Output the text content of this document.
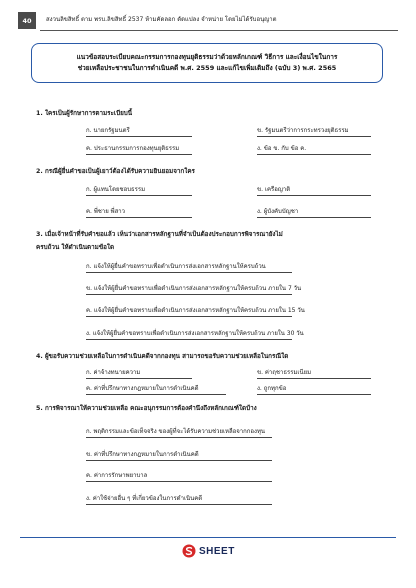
40	สงวนลิขสิทธิ์ ตาม พรบ.ลิขสิทธิ์ 2537 ห้ามคัดลอก ดัดแปลง จำหน่าย โดยไม่ได้รับอนุญาต
แนวข้อสอบระเบียบคณะกรรมการกองทุนยุติธรรมว่าด้วยหลักเกณฑ์ วิธีการ และเงื่อนไขในการ
ช่วยเหลือประชาชนในการดำเนินคดี พ.ศ. 2559 และแก้ไขเพิ่มเติมถึง (ฉบับ 3) พ.ศ. 2565
1. ใครเป็นผู้รักษาการตามระเบียบนี้
ก. นายกรัฐมนตรี	ข. รัฐมนตรีว่าการกระทรวงยุติธรรม
ค. ประธานกรรมการกองทุนยุติธรรม	ง. ข้อ ข. กับ ข้อ ค.
2. กรณีผู้ยื่นคำขอเป็นผู้เยาว์ต้องได้รับความยินยอมจากใคร
ก. ผู้แทนโดยชอบธรรม	ข. เครือญาติ
ค. พี่ชาย พี่สาว	ง. ผู้บังคับบัญชา
3. เมื่อเจ้าหน้าที่รับคำขอแล้ว เห็นว่าเอกสารหลักฐานที่จำเป็นต้องประกอบการพิจารณายังไม่
ครบถ้วน ให้ดำเนินตามข้อใด
ก. แจ้งให้ผู้ยื่นคำขอทราบเพื่อดำเนินการส่งเอกสารหลักฐานให้ครบถ้วน
ข. แจ้งให้ผู้ยื่นคำขอทราบเพื่อดำเนินการส่งเอกสารหลักฐานให้ครบถ้วน ภายใน 7 วัน
ค. แจ้งให้ผู้ยื่นคำขอทราบเพื่อดำเนินการส่งเอกสารหลักฐานให้ครบถ้วน ภายใน 15 วัน
ง. แจ้งให้ผู้ยื่นคำขอทราบเพื่อดำเนินการส่งเอกสารหลักฐานให้ครบถ้วน ภายใน 30 วัน
4. ผู้ขอรับความช่วยเหลือในการดำเนินคดีจากกองทุน สามารถขอรับความช่วยเหลือในกรณีใด
ก. ค่าจ้างทนายความ	ข. ค่าฤชาธรรมเนียม
ค. ค่าที่ปรึกษาทางกฎหมายในการดำเนินคดี	ง. ถูกทุกข้อ
5. การพิจารณาให้ความช่วยเหลือ คณะอนุกรรมการต้องคำนึงถึงหลักเกณฑ์ใดบ้าง
ก. พฤติกรรมและข้อเท็จจริง ของผู้ที่จะได้รับความช่วยเหลือจากกองทุน
ข. ค่าที่ปรึกษาทางกฎหมายในการดำเนินคดี
ค. ค่าการรักษาพยาบาล
ง. ค่าใช้จ่ายอื่น ๆ ที่เกี่ยวข้องในการดำเนินคดี
SHEET
